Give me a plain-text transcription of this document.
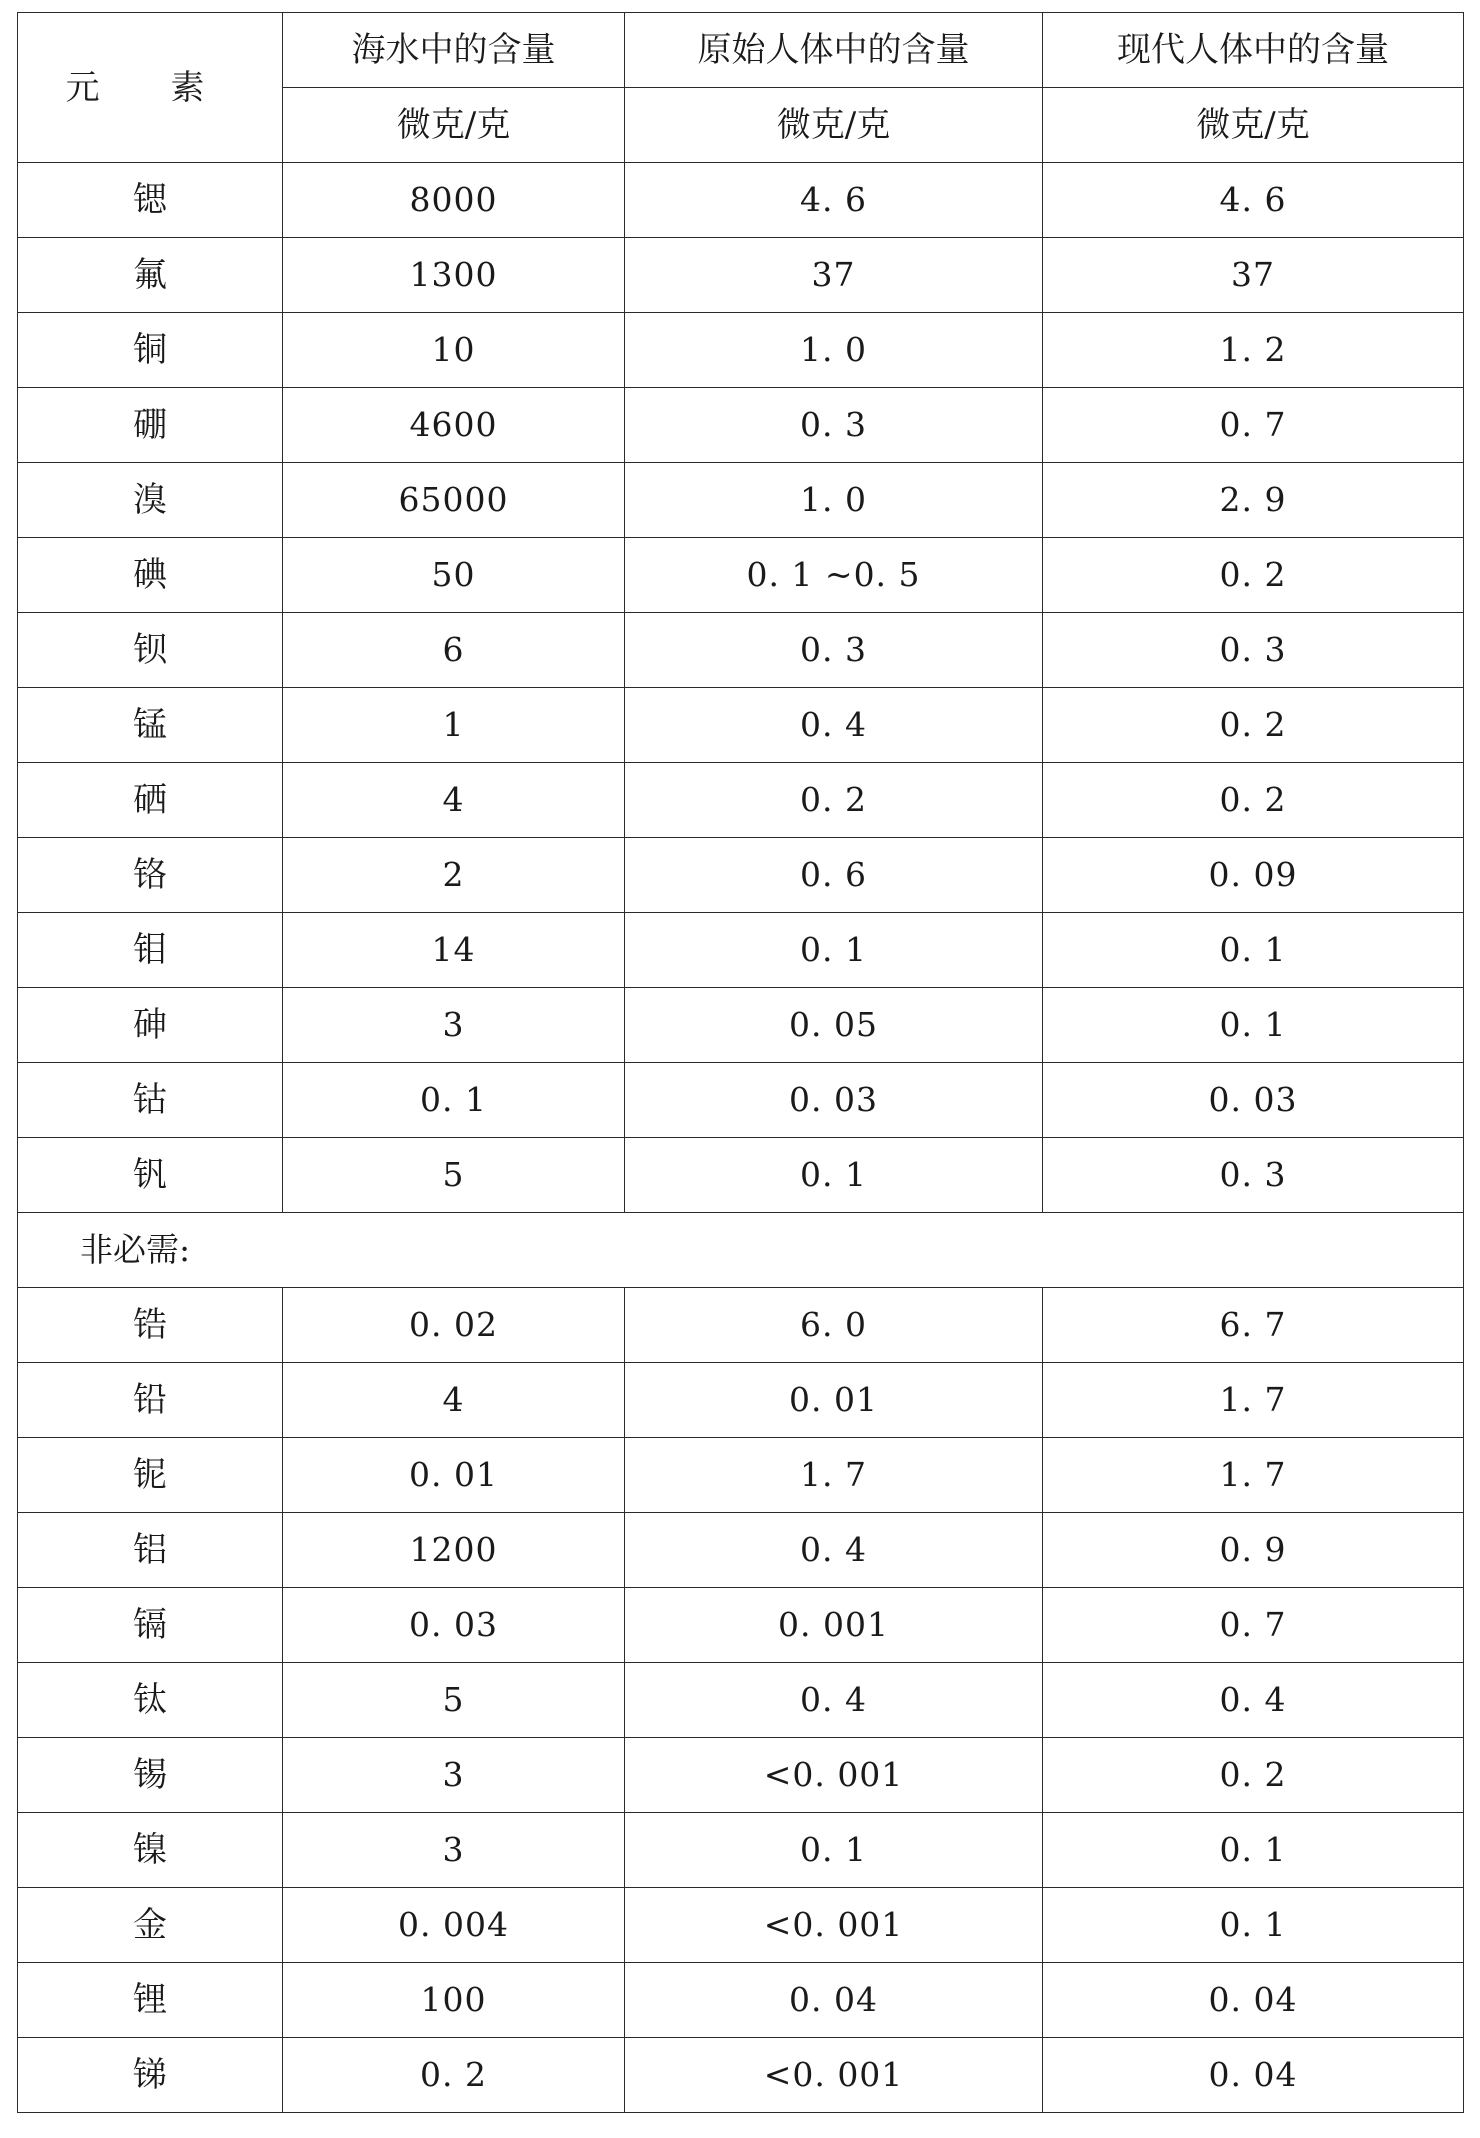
元 素	海水中的含量	原始人体中的含量	现代人体中的含量
	微克/克	微克/克	微克/克
锶	8000	4. 6	4. 6
氟	1300	37	37
铜	10	1. 0	1. 2
硼	4600	0. 3	0. 7
溴	65000	1. 0	2. 9
碘	50	0. 1 ~0. 5	0. 2
钡	6	0. 3	0. 3
锰	1	0. 4	0. 2
硒	4	0. 2	0. 2
铬	2	0. 6	0. 09
钼	14	0. 1	0. 1
砷	3	0. 05	0. 1
钴	0. 1	0. 03	0. 03
钒	5	0. 1	0. 3
非必需:			
锆	0. 02	6. 0	6. 7
铅	4	0. 01	1. 7
铌	0. 01	1. 7	1. 7
铝	1200	0. 4	0. 9
镉	0. 03	0. 001	0. 7
钛	5	0. 4	0. 4
锡	3	<0. 001	0. 2
镍	3	0. 1	0. 1
金	0. 004	<0. 001	0. 1
锂	100	0. 04	0. 04
锑	0. 2	<0. 001	0. 04
